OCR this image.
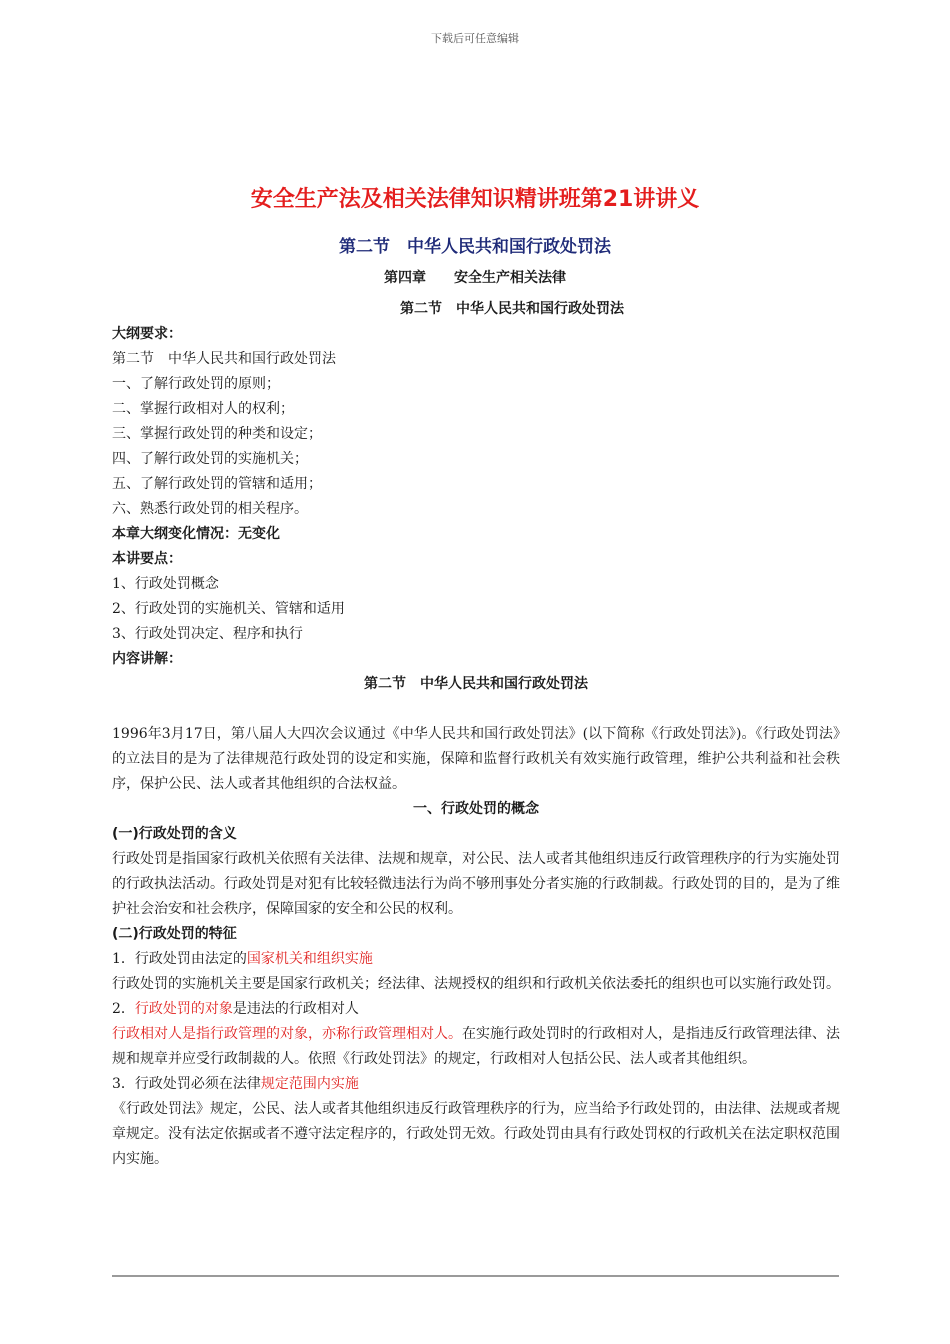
下载后可任意编辑
安全生产法及相关法律知识精讲班第21讲讲义
第二节　中华人民共和国行政处罚法
第四章　　安全生产相关法律
第二节　中华人民共和国行政处罚法
大纲要求：
第二节　中华人民共和国行政处罚法
一、了解行政处罚的原则；
二、掌握行政相对人的权利；
三、掌握行政处罚的种类和设定；
四、了解行政处罚的实施机关；
五、了解行政处罚的管辖和适用；
六、熟悉行政处罚的相关程序。
本章大纲变化情况：无变化
本讲要点：
1、行政处罚概念
2、行政处罚的实施机关、管辖和适用
3、行政处罚决定、程序和执行
内容讲解：
第二节　中华人民共和国行政处罚法
1996年3月17日，第八届人大四次会议通过《中华人民共和国行政处罚法》(以下简称《行政处罚法》)。《行政处罚法》的立法目的是为了法律规范行政处罚的设定和实施，保障和监督行政机关有效实施行政管理，维护公共利益和社会秩序，保护公民、法人或者其他组织的合法权益。
一、行政处罚的概念
(一)行政处罚的含义
行政处罚是指国家行政机关依照有关法律、法规和规章，对公民、法人或者其他组织违反行政管理秩序的行为实施处罚的行政执法活动。行政处罚是对犯有比较轻微违法行为尚不够刑事处分者实施的行政制裁。行政处罚的目的，是为了维护社会治安和社会秩序，保障国家的安全和公民的权利。
(二)行政处罚的特征
1．行政处罚由法定的国家机关和组织实施
行政处罚的实施机关主要是国家行政机关；经法律、法规授权的组织和行政机关依法委托的组织也可以实施行政处罚。
2．行政处罚的对象是违法的行政相对人
行政相对人是指行政管理的对象，亦称行政管理相对人。在实施行政处罚时的行政相对人，是指违反行政管理法律、法规和规章并应受行政制裁的人。依照《行政处罚法》的规定，行政相对人包括公民、法人或者其他组织。
3．行政处罚必须在法律规定范围内实施
《行政处罚法》规定，公民、法人或者其他组织违反行政管理秩序的行为，应当给予行政处罚的，由法律、法规或者规章规定。没有法定依据或者不遵守法定程序的，行政处罚无效。行政处罚由具有行政处罚权的行政机关在法定职权范围内实施。
